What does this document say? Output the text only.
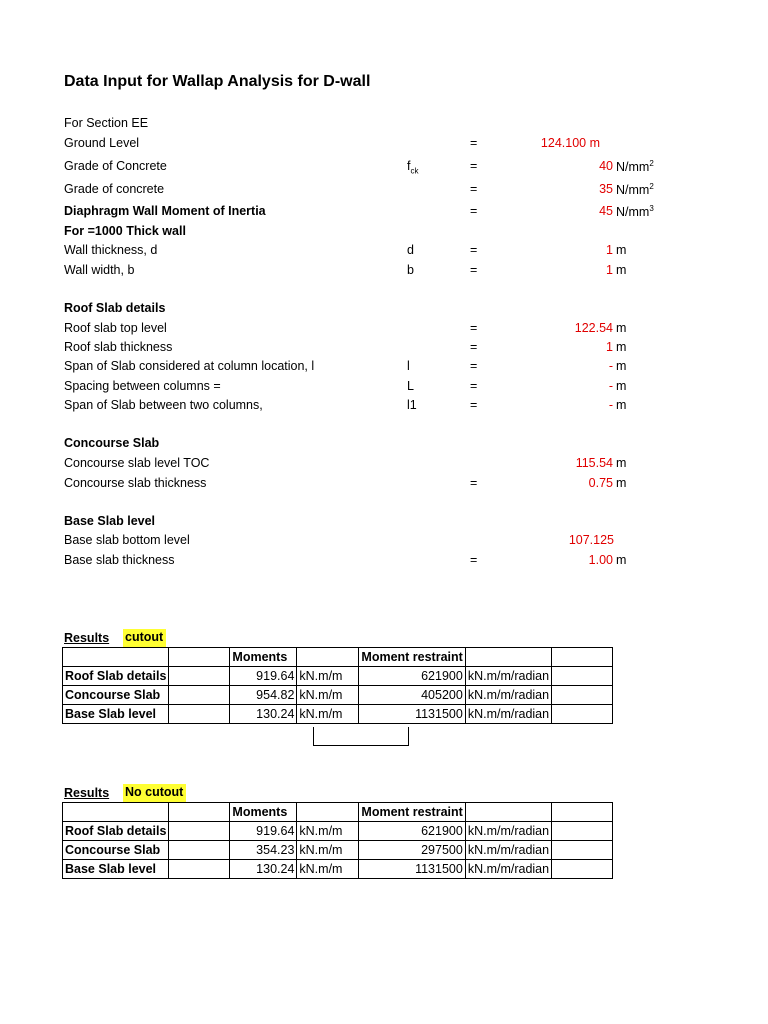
Data Input for Wallap Analysis for D-wall
For Section EE
Ground Level	=	124.100 m
Grade of Concrete	$f_{ck}$	=	40 $N/mm^2$
Grade of concrete	=	35 $N/mm^2$
Diaphragm Wall Moment of Inertia	=	45 $N/mm^3$
For =1000 Thick wall
Wall thickness, d	d	=	1 m
Wall width, b	b	=	1 m
Roof Slab details
Roof slab top level	=	122.54 m
Roof slab thickness	=	1 m
Span of Slab considered at column location, l	l	=	- m
Spacing between columns =	L	=	- m
Span of Slab between two columns,	l1	=	- m
Concourse Slab
Concourse slab level TOC	115.54 m
Concourse slab thickness	=	0.75 m
Base Slab level
Base slab bottom level	107.125
Base slab thickness	=	1.00 m
Results cutout
		Moments		Moment restraint		
Roof Slab details		919.64	kN.m/m	621900	kN.m/m/radian	
Concourse Slab		954.82	kN.m/m	405200	kN.m/m/radian	
Base Slab level		130.24	kN.m/m	1131500	kN.m/m/radian	
Results No cutout
		Moments		Moment restraint		
Roof Slab details		919.64	kN.m/m	621900	kN.m/m/radian	
Concourse Slab		354.23	kN.m/m	297500	kN.m/m/radian	
Base Slab level		130.24	kN.m/m	1131500	kN.m/m/radian	
